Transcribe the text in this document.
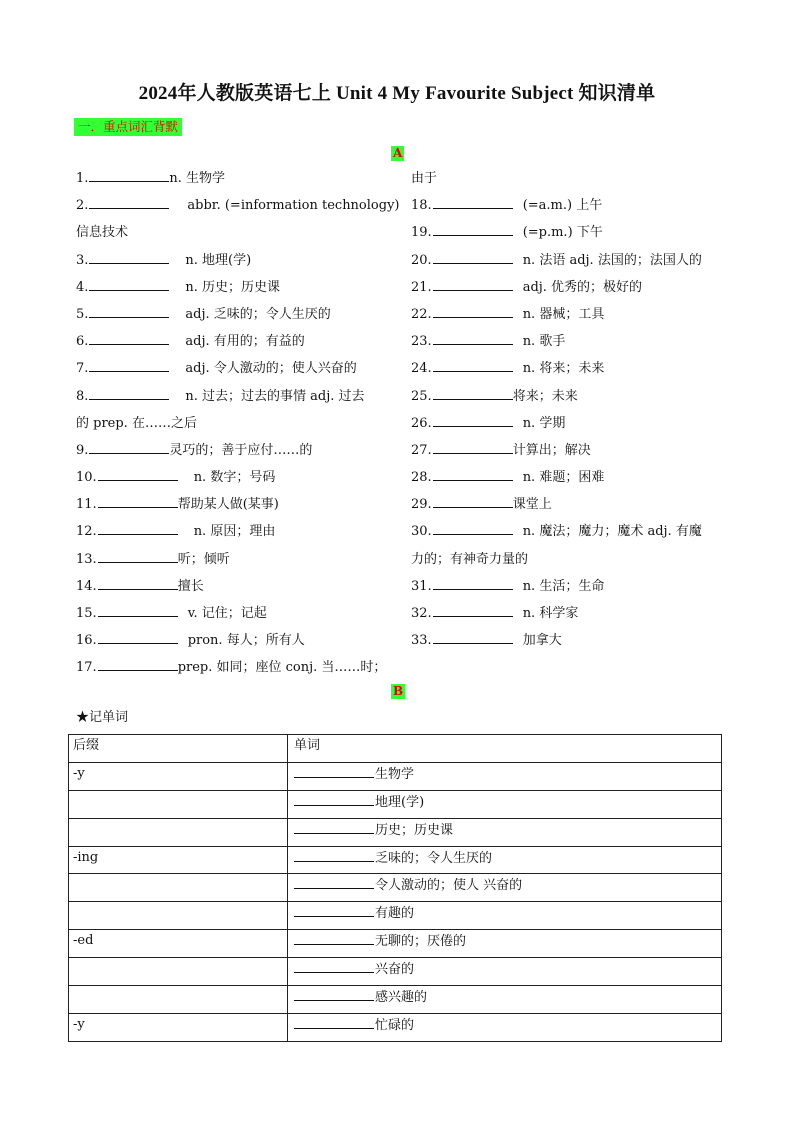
2024年人教版英语七上 Unit 4 My Favourite Subject 知识清单
一．重点词汇背默
A
1.	n. 生物学
2.	abbr. (=information technology)
信息技术
3.	n. 地理(学)
4.	n. 历史；历史课
5.	adj. 乏味的；令人生厌的
6.	adj. 有用的；有益的
7.	adj. 令人激动的；使人兴奋的
8.	n. 过去；过去的事情 adj. 过去
的 prep. 在……之后
9.	灵巧的；善于应付……的
10.	n. 数字；号码
11.	帮助某人做(某事)
12.	n. 原因；理由
13.	听；倾听
14.	擅长
15.	v. 记住；记起
16.	pron. 每人；所有人
17.	prep. 如同；座位 conj. 当……时；
由于
18.	(=a.m.) 上午
19.	(=p.m.) 下午
20.	n. 法语 adj. 法国的；法国人的
21.	adj. 优秀的；极好的
22.	n. 器械；工具
23.	n. 歌手
24.	n. 将来；未来
25.	将来；未来
26.	n. 学期
27.	计算出；解决
28.	n. 难题；困难
29.	课堂上
30.	n. 魔法；魔力；魔术 adj. 有魔
力的；有神奇力量的
31.	n. 生活；生命
32.	n. 科学家
33.	加拿大
B
★记单词
后缀	单词
-y	生物学
	地理(学)
	历史；历史课
-ing	乏味的；令人生厌的
	令人激动的；使人 兴奋的
	有趣的
-ed	无聊的；厌倦的
	兴奋的
	感兴趣的
-y	忙碌的
